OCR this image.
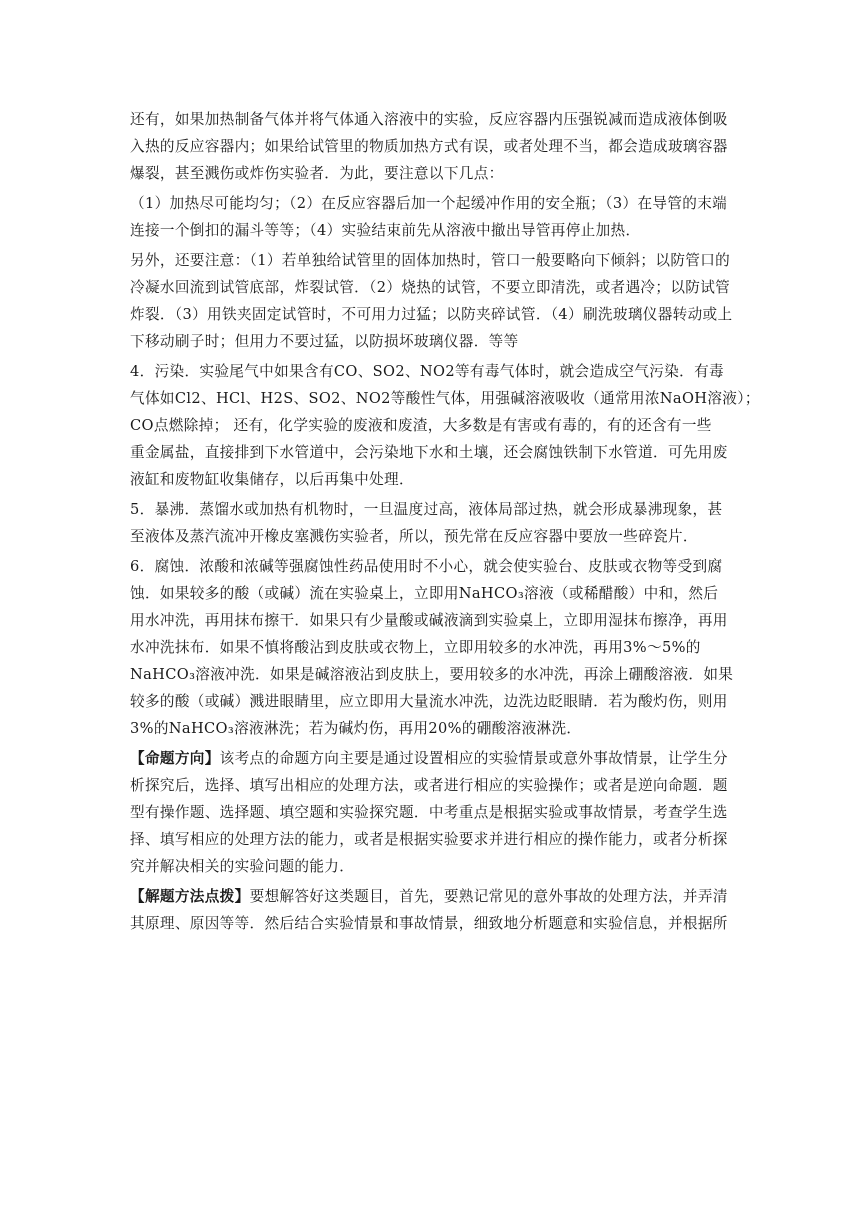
还有，如果加热制备气体并将气体通入溶液中的实验，反应容器内压强锐减而造成液体倒吸
入热的反应容器内；如果给试管里的物质加热方式有误，或者处理不当，都会造成玻璃容器
爆裂，甚至溅伤或炸伤实验者．为此，要注意以下几点：
（1）加热尽可能均匀；（2）在反应容器后加一个起缓冲作用的安全瓶；（3）在导管的末端
连接一个倒扣的漏斗等等；（4）实验结束前先从溶液中撤出导管再停止加热．
另外，还要注意：（1）若单独给试管里的固体加热时，管口一般要略向下倾斜；以防管口的
冷凝水回流到试管底部，炸裂试管．（2）烧热的试管，不要立即清洗，或者遇冷；以防试管
炸裂．（3）用铁夹固定试管时，不可用力过猛；以防夹碎试管．（4）刷洗玻璃仪器转动或上
下移动刷子时；但用力不要过猛，以防损坏玻璃仪器．等等
4．污染．实验尾气中如果含有CO、SO2、NO2等有毒气体时，就会造成空气污染．有毒
气体如Cl2、HCl、H2S、SO2、NO2等酸性气体，用强碱溶液吸收（通常用浓NaOH溶液）；
CO点燃除掉； 还有，化学实验的废液和废渣，大多数是有害或有毒的，有的还含有一些
重金属盐，直接排到下水管道中，会污染地下水和土壤，还会腐蚀铁制下水管道．可先用废
液缸和废物缸收集储存，以后再集中处理．
5．暴沸．蒸馏水或加热有机物时，一旦温度过高，液体局部过热，就会形成暴沸现象，甚
至液体及蒸汽流冲开橡皮塞溅伤实验者，所以，预先常在反应容器中要放一些碎瓷片．
6．腐蚀．浓酸和浓碱等强腐蚀性药品使用时不小心，就会使实验台、皮肤或衣物等受到腐
蚀．如果较多的酸（或碱）流在实验桌上，立即用NaHCO₃溶液（或稀醋酸）中和，然后
用水冲洗，再用抹布擦干．如果只有少量酸或碱液滴到实验桌上，立即用湿抹布擦净，再用
水冲洗抹布．如果不慎将酸沾到皮肤或衣物上，立即用较多的水冲洗，再用3%～5%的
NaHCO₃溶液冲洗．如果是碱溶液沾到皮肤上，要用较多的水冲洗，再涂上硼酸溶液．如果
较多的酸（或碱）溅进眼睛里，应立即用大量流水冲洗，边洗边眨眼睛．若为酸灼伤，则用
3%的NaHCO₃溶液淋洗；若为碱灼伤，再用20%的硼酸溶液淋洗．
【命题方向】该考点的命题方向主要是通过设置相应的实验情景或意外事故情景，让学生分
析探究后，选择、填写出相应的处理方法，或者进行相应的实验操作；或者是逆向命题．题
型有操作题、选择题、填空题和实验探究题．中考重点是根据实验或事故情景，考查学生选
择、填写相应的处理方法的能力，或者是根据实验要求并进行相应的操作能力，或者分析探
究并解决相关的实验问题的能力．
【解题方法点拨】要想解答好这类题目，首先，要熟记常见的意外事故的处理方法，并弄清
其原理、原因等等．然后结合实验情景和事故情景，细致地分析题意和实验信息，并根据所
